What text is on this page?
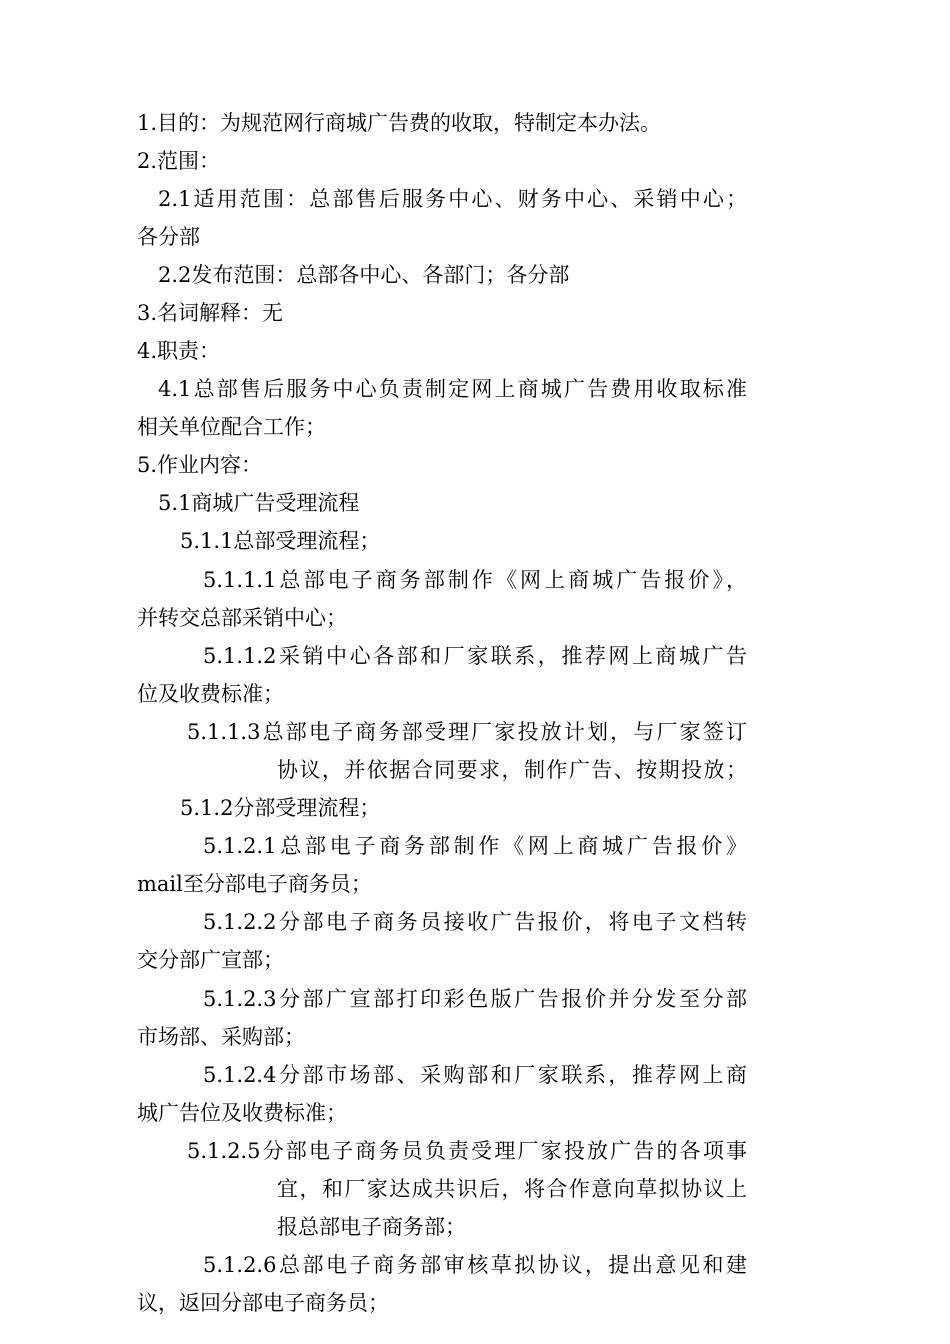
1.目的：为规范网行商城广告费的收取，特制定本办法。
2.范围：
2.1适用范围：总部售后服务中心、财务中心、采销中心；
各分部
2.2发布范围：总部各中心、各部门；各分部
3.名词解释：无
4.职责：
4.1总部售后服务中心负责制定网上商城广告费用收取标准
相关单位配合工作；
5.作业内容：
5.1商城广告受理流程
5.1.1总部受理流程；
5.1.1.1总部电子商务部制作《网上商城广告报价》，
并转交总部采销中心；
5.1.1.2采销中心各部和厂家联系，推荐网上商城广告
位及收费标准；
5.1.1.3总部电子商务部受理厂家投放计划，与厂家签订
协议，并依据合同要求，制作广告、按期投放；
5.1.2分部受理流程；
5.1.2.1总部电子商务部制作《网上商城广告报价》
mail至分部电子商务员；
5.1.2.2分部电子商务员接收广告报价，将电子文档转
交分部广宣部；
5.1.2.3分部广宣部打印彩色版广告报价并分发至分部
市场部、采购部；
5.1.2.4分部市场部、采购部和厂家联系，推荐网上商
城广告位及收费标准；
5.1.2.5分部电子商务员负责受理厂家投放广告的各项事
宜，和厂家达成共识后，将合作意向草拟协议上
报总部电子商务部；
5.1.2.6总部电子商务部审核草拟协议，提出意见和建
议，返回分部电子商务员；
